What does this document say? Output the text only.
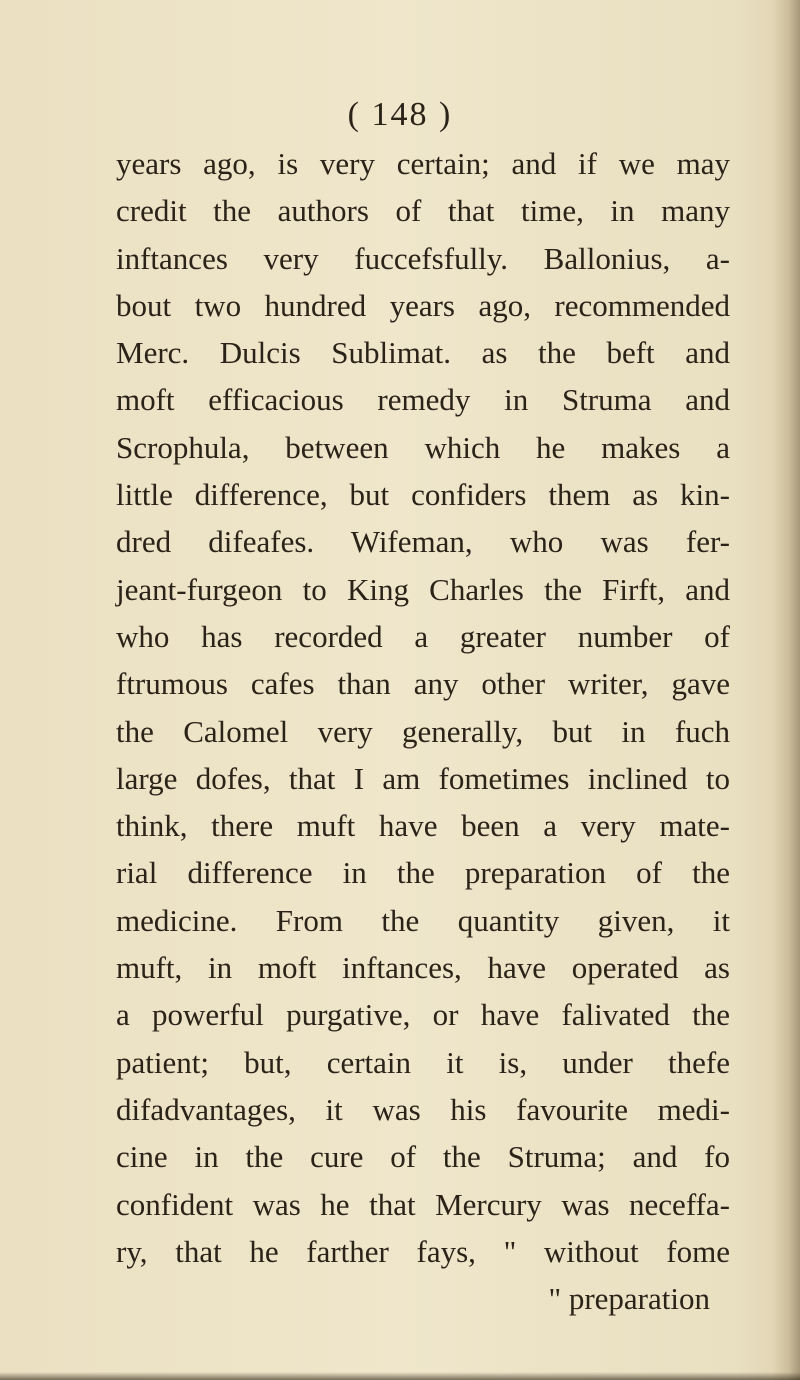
( 148 )
years ago, is very certain; and if we may
credit the authors of that time, in many
inftances very fuccefsfully. Ballonius, a-
bout two hundred years ago, recommended
Merc. Dulcis Sublimat. as the beft and
moft efficacious remedy in Struma and
Scrophula, between which he makes a
little difference, but confiders them as kin-
dred difeafes. Wifeman, who was fer-
jeant-furgeon to King Charles the Firft, and
who has recorded a greater number of
ftrumous cafes than any other writer, gave
the Calomel very generally, but in fuch
large dofes, that I am fometimes inclined to
think, there muft have been a very mate-
rial difference in the preparation of the
medicine. From the quantity given, it
muft, in moft inftances, have operated as
a powerful purgative, or have falivated the
patient; but, certain it is, under thefe
difadvantages, it was his favourite medi-
cine in the cure of the Struma; and fo
confident was he that Mercury was neceffa-
ry, that he farther fays, " without fome
" preparation
